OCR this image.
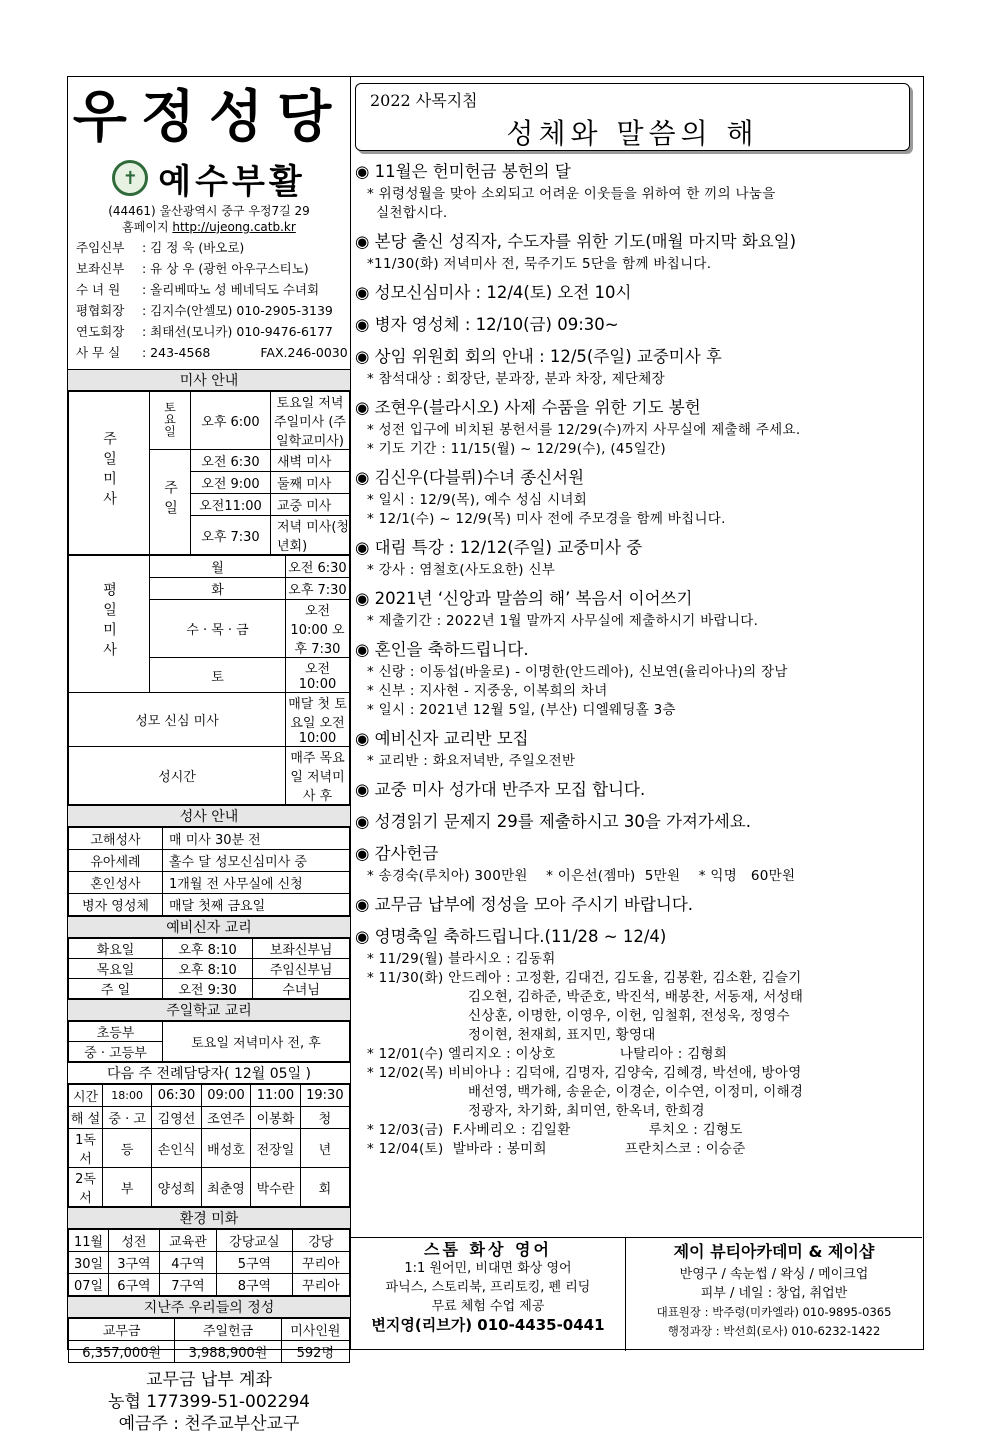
우정성당
✝ 예수부활
(44461) 울산광역시 중구 우정7길 29
홈페이지 http://ujeong.catb.kr
주임신부	: 김 정 욱 (바오로)
보좌신부	: 유 상 우 (광헌 아우구스티노)
수 녀 원	: 올리베따노 성 베네딕도 수녀회
평협회장	: 김지수(안셀모) 010-2905-3139
연도회장	: 최태선(모니카) 010-9476-6177
사 무 실	: 243-4568	FAX.246-0030
미사 안내
주일미사	토요일	오후 6:00	토요일 저녁주일미사 (주일학교미사)
	주일	오전 6:30	새벽 미사
		오전 9:00	둘째 미사
		오전11:00	교중 미사
		오후 7:30	저녁 미사(청년회)
평일미사	월	오전 6:30
	화	오후 7:30
	수 · 목 · 금	오전 10:00 오후 7:30
	토	오전 10:00
성모 신심 미사		매달 첫 토요일 오전 10:00
성시간		매주 목요일 저녁미사 후
성사 안내
고해성사	매 미사 30분 전
유아세례	홀수 달 성모신심미사 중
혼인성사	1개월 전 사무실에 신청
병자 영성체	매달 첫째 금요일
예비신자 교리
화요일	오후 8:10	보좌신부님
목요일	오후 8:10	주임신부님
주 일	오전 9:30	수녀님
주일학교 교리
초등부	토요일 저녁미사 전, 후
중 · 고등부
다음 주 전례담당자( 12월 05일 )
시간	18:00	06:30	09:00	11:00	19:30
해 설	중 · 고	김영선	조연주	이봉화	청
1독서	등	손인식	배성호	전장일	년
2독서	부	양성희	최춘영	박수란	회
환경 미화
11월	성전	교육관	강당교실	강당
30일	3구역	4구역	5구역	꾸리아
07일	6구역	7구역	8구역	꾸리아
지난주 우리들의 정성
교무금	주일헌금	미사인원
6,357,000원	3,988,900원	592명
교무금 납부 계좌
농협 177399-51-002294
예금주 : 천주교부산교구
2022 사목지침
성체와 말씀의 해
◉ 11월은 헌미헌금 봉헌의 달
* 위령성월을 맞아 소외되고 어려운 이웃들을 위하여 한 끼의 나눔을
실천합시다.
◉ 본당 출신 성직자, 수도자를 위한 기도(매월 마지막 화요일)
*11/30(화) 저녁미사 전, 묵주기도 5단을 함께 바칩니다.
◉ 성모신심미사 : 12/4(토) 오전 10시
◉ 병자 영성체 : 12/10(금) 09:30~
◉ 상임 위원회 회의 안내 : 12/5(주일) 교중미사 후
* 참석대상 : 회장단, 분과장, 분과 차장, 제단체장
◉ 조현우(블라시오) 사제 수품을 위한 기도 봉헌
* 성전 입구에 비치된 봉헌서를 12/29(수)까지 사무실에 제출해 주세요.
* 기도 기간 : 11/15(월) ~ 12/29(수), (45일간)
◉ 김신우(다블뤼)수녀 종신서원
* 일시 : 12/9(목), 예수 성심 시녀회
* 12/1(수) ~ 12/9(목) 미사 전에 주모경을 함께 바칩니다.
◉ 대림 특강 : 12/12(주일) 교중미사 중
* 강사 : 염철호(사도요한) 신부
◉ 2021년 ‘신앙과 말씀의 해’ 복음서 이어쓰기
* 제출기간 : 2022년 1월 말까지 사무실에 제출하시기 바랍니다.
◉ 혼인을 축하드립니다.
* 신랑 : 이동섭(바울로) - 이명한(안드레아), 신보연(율리아나)의 장남
* 신부 : 지사현 - 지중웅, 이복희의 차녀
* 일시 : 2021년 12월 5일, (부산) 디엘웨딩홀 3층
◉ 예비신자 교리반 모집
* 교리반 : 화요저녁반, 주일오전반
◉ 교중 미사 성가대 반주자 모집 합니다.
◉ 성경읽기 문제지 29를 제출하시고 30을 가져가세요.
◉ 감사헌금
* 송경숙(루치아) 300만원    * 이은선(젬마)  5만원    * 익명   60만원
◉ 교무금 납부에 정성을 모아 주시기 바랍니다.
◉ 영명축일 축하드립니다.(11/28 ~ 12/4)
* 11/29(월) 블라시오 : 김동휘
* 11/30(화) 안드레아 : 고정환, 김대건, 김도율, 김봉환, 김소환, 김슬기
김오현, 김하준, 박준호, 박진석, 배봉찬, 서동재, 서성태
신상훈, 이명한, 이영우, 이헌, 임철휘, 전성욱, 정영수
정이현, 천재희, 표지민, 황영대
* 12/01(수) 엘리지오 : 이상호              나탈리아 : 김형희
* 12/02(목) 비비아나 : 김덕애, 김명자, 김양숙, 김혜경, 박선애, 방아영
배선영, 백가해, 송윤순, 이경순, 이수연, 이정미, 이해경
정광자, 차기화, 최미연, 한옥녀, 한희경
* 12/03(금)  F.사베리오 : 김일환                 루치오 : 김형도
* 12/04(토)  발바라 : 봉미희                 프란치스코 : 이승준
스톰 화상 영어
1:1 원어민, 비대면 화상 영어
파닉스, 스토리북, 프리토킹, 펜 리딩
무료 체험 수업 제공
변지영(리브가) 010-4435-0441
제이 뷰티아카데미 & 제이샵
반영구 / 속눈썹 / 왁싱 / 메이크업
피부 / 네일 : 창업, 취업반
대표원장 : 박주령(미카엘라) 010-9895-0365
행정과장 : 박선희(로사) 010-6232-1422
